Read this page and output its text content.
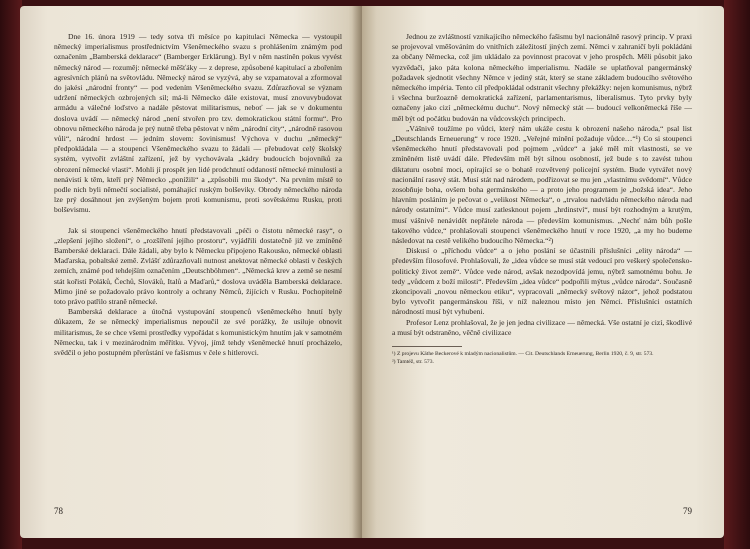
Dne 16. února 1919 — tedy sotva tři měsíce po kapitulaci Německa — vystoupil německý imperialismus prostřednictvím Všeněmeckého svazu s prohlášením známým pod označením „Bamberská deklarace“ (Bamberger Erklärung). Byl v něm nastíněn pokus vyvést německý národ — rozuměj: německé měšťáky — z deprese, způsobené kapitulací a zbořením agresívních plánů na světovládu. Německý národ se vyzývá, aby se vzpamatoval a zformoval do jakési „národní fronty“ — pod vedením Všeněmeckého svazu. Zdůrazňoval se význam udržení německých ozbrojených sil; má-li Německo dále existovat, musí znovuvybudovat armádu a válečné loďstvo a nadále pěstovat militarismus, neboť — jak se v dokumentu doslova uvádí — německý národ „není stvořen pro tzv. demokratickou státní formu“. Pro obnovu německého národa je prý nutně třeba pěstovat v něm „národní city“, „národně rasovou vůli“, národní hrdost — jedním slovem: šovinismus! Výchova v duchu „německý“ předpokládala — a stoupenci Všeněmeckého svazu to žádali — přebudovat celý školský systém, vytvořit zvláštní zařízení, jež by vychovávala „kádry budoucích bojovníků za obrození německé vlasti“. Mohli jí prospět jen lidé prodchnutí oddaností německé minulosti a nenávistí k těm, kteří prý Německo „ponížili“ a „způsobili mu škody“. Na prvním místě to podle nich byli němečtí socialisté, pomáhající ruským bolševiky. Obrody německého národa lze prý dosáhnout jen zvýšeným bojem proti komunismu, proti sovětskému Rusku, proti bolševismu.

Jak si stoupenci všeněmeckého hnutí představovali „péči o čistotu německé rasy“, o „zlepšení jejího složení“, o „rozšíření jejího prostoru“, vyjádřili dostatečně již ve zmíněné Bamberské deklaraci. Dále žádali, aby bylo k Německu připojeno Rakousko, německé oblasti Maďarska, pobaltské země. Zvlášť zdůrazňovali nutnost anektovat německé oblasti v českých zemích, známé pod tehdejším označením „Deutschböhmen“. „Německá krev a země se nesmí stát kořistí Poláků, Čechů, Slováků, Italů a Maďarů,“ doslova uváděla Bamberská deklarace. Mimo jiné se požadovalo právo kontroly a ochrany Němců, žijících v Rusku. Pochopitelně toto právo patřilo straně německé.

Bamberská deklarace a útočná vystupování stoupenců všeněmeckého hnutí byly důkazem, že se německý imperialismus nepoučil ze své porážky, že usiluje obnovit militarismus, že se chce všemi prostředky vypořádat s komunistickým hnutím jak v samotném Německu, tak i v mezinárodním měřítku. Vývoj, jímž tehdy všeněmecké hnutí procházelo, svědčil o jeho postupném přerůstání ve fašismus v čele s hitlerovci.

78

Jednou ze zvláštností vznikajícího německého fašismu byl nacionálně rasový princip. V praxi se projevoval vměšováním do vnitřních záležitostí jiných zemí. Němci v zahraničí byli pokládáni za občany Německa, což jim ukládalo za povinnost pracovat v jeho prospěch. Měli působit jako vyzvědači, jako páta kolona německého imperialismu. Nadále se uplatňoval pangermánský požadavek sjednotit všechny Němce v jediný stát, který se stane základem budoucího světového německého impéria. Tento cíl předpokládal odstranit všechny překážky: nejen komunismus, nýbrž i všechna buržoazně demokratická zařízení, parlamentarismus, liberalismus. Tyto prvky byly označeny jako cizí „německému duchu“. Nový německý stát — budoucí velkoněmecká říše — měl být od počátku budován na vůdcovských principech.

„Vášnivě toužíme po vůdci, který nám ukáže cestu k obrození našeho národa,“ psal list „Deutschlands Erneuerung“ v roce 1920. „Veřejné mínění požaduje vůdce…“¹) Co si stoupenci všeněmeckého hnutí představovali pod pojmem „vůdce“ a jaké měl mít vlastnosti, se ve zmíněném listě uvádí dále. Především měl být silnou osobností, jež bude s to zavést tuhou diktaturu osobní moci, opírající se o bohatě rozvětvený policejní systém. Bude vytvářet nový nacionální rasový stát. Musí stát nad národem, podřizovat se mu jen „vlastnímu svědomí“. Vůdce zosobňuje boha, ovšem boha germánského — a proto jeho programem je „božská idea“. Jeho hlavním posláním je pečovat o „velikost Německa“, o „trvalou nadvládu německého národa nad národy ostatními“. Vůdce musí zatlesknout pojem „hrdinství“, musí být rozhodným a krutým, musí vášnivě nenávidět nepřátele národa — především komunismus. „Nechť nám bůh pošle takového vůdce,“ prohlašovali stoupenci všeněmeckého hnutí v roce 1920, „a my ho budeme následovat na cestě velikého budoucího Německa.“²)

Diskusí o „příchodu vůdce“ a o jeho poslání se účastnili příslušníci „elity národa“ — především filosofové. Prohlašovali, že „idea vůdce se musí stát vedoucí pro veškerý společensko-politický život země“. Vůdce vede národ, avšak nezodpovídá jemu, nýbrž samotnému bohu. Je tedy „vůdcem z boží milosti“. Především „idea vůdce“ podpořili mýtus „vůdce národa“. Současně zkoncipovali „novou německou etiku“, vypracovali „německý světový názor“, jehož podstatou bylo vytvořit pangermánskou říši, v níž naleznou místo jen Němci. Příslušníci ostatních národností musí být vyhubeni.

Profesor Lenz prohlašoval, že je jen jedna civilizace — německá. Vše ostatní je cizí, škodlivé a musí být odstraněno, věčně civilizace

¹) Z projevu Käthe Beckerové k mladým nacionalistům. — Cit. Deutschlands Erneuerung, Berlin 1920, č. 9, str. 573.
²) Tamtéž, str. 573.
79
